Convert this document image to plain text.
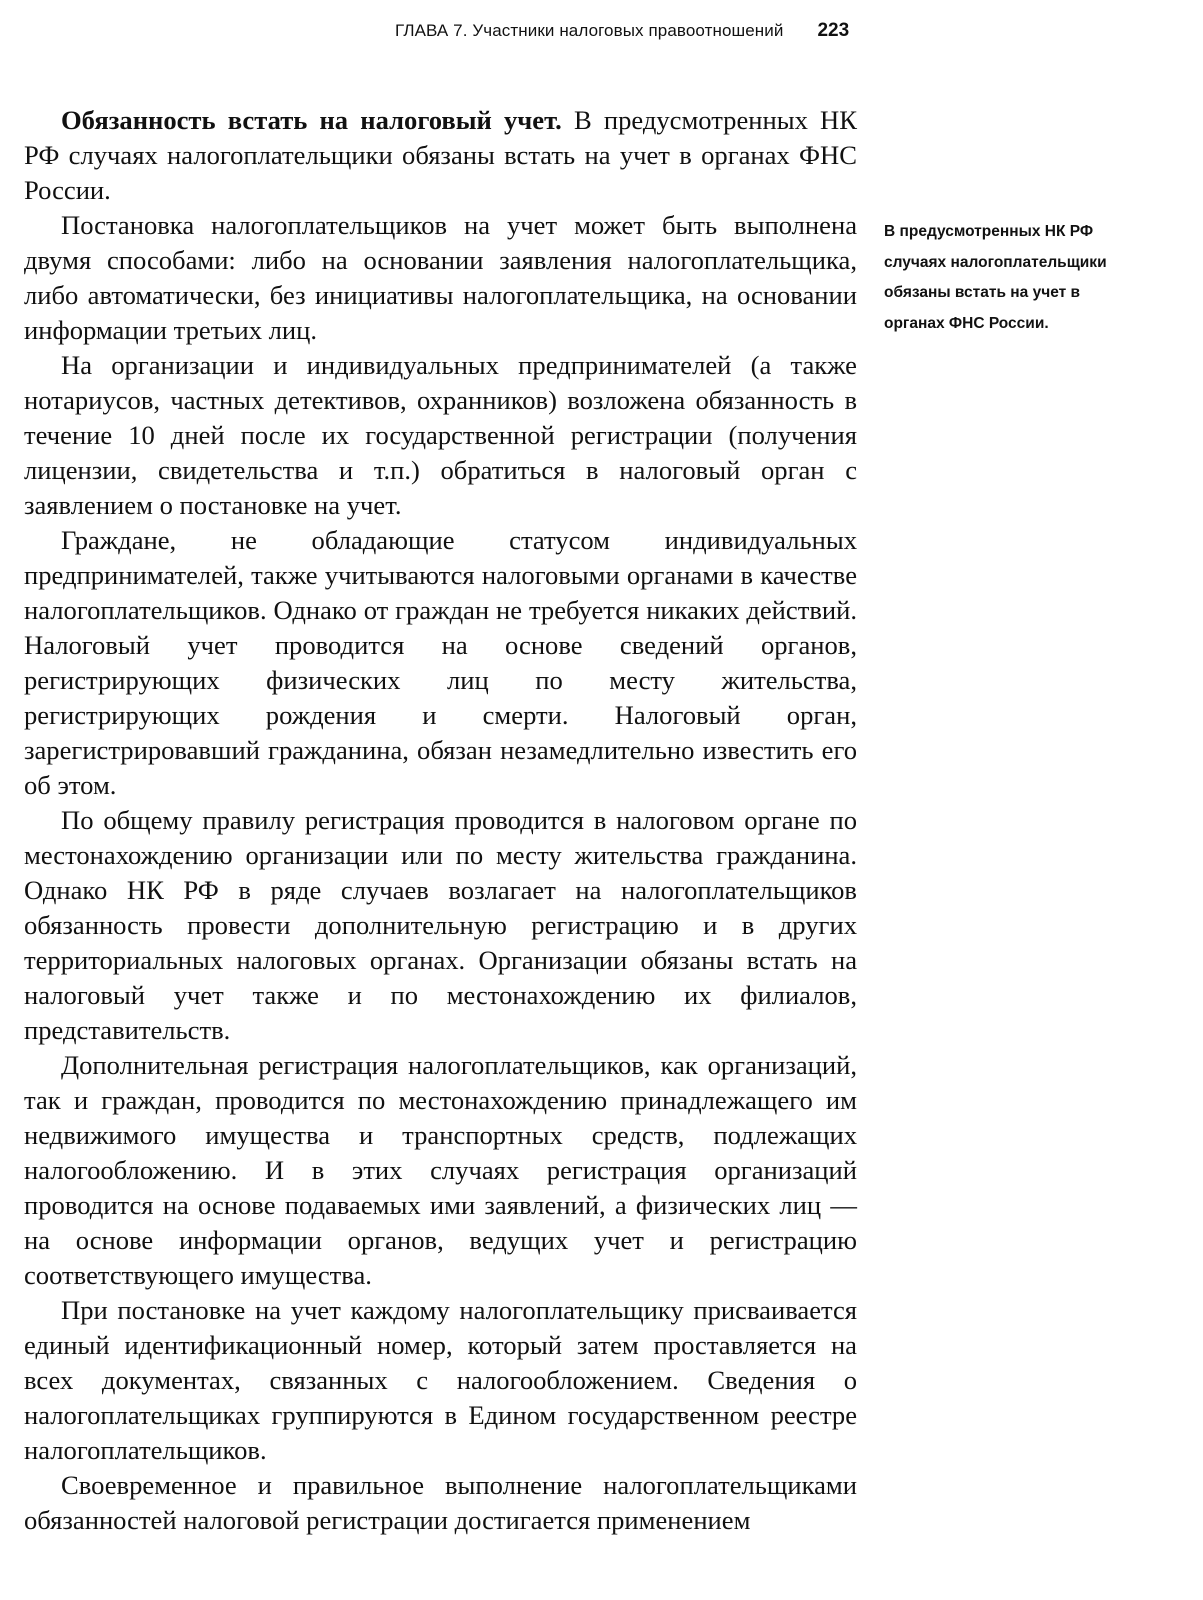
ГЛАВА 7. Участники налоговых правоотношений 223

Обязанность встать на налоговый учет. В предусмотренных НК РФ случаях налогоплательщики обязаны встать на учет в органах ФНС России.

Постановка налогоплательщиков на учет может быть выполнена двумя способами: либо на основании заявления налогоплательщика, либо автоматически, без инициативы налогоплательщика, на основании информации третьих лиц.

На организации и индивидуальных предпринимателей (а также нотариусов, частных детективов, охранников) возложена обязанность в течение 10 дней после их государственной регистрации (получения лицензии, свидетельства и т.п.) обратиться в налоговый орган с заявлением о постановке на учет.

Граждане, не обладающие статусом индивидуальных предпринимателей, также учитываются налоговыми органами в качестве налогоплательщиков. Однако от граждан не требуется никаких действий. Налоговый учет проводится на основе сведений органов, регистрирующих физических лиц по месту жительства, регистрирующих рождения и смерти. Налоговый орган, зарегистрировавший гражданина, обязан незамедлительно известить его об этом.

По общему правилу регистрация проводится в налоговом органе по местонахождению организации или по месту жительства гражданина. Однако НК РФ в ряде случаев возлагает на налогоплательщиков обязанность провести дополнительную регистрацию и в других территориальных налоговых органах. Организации обязаны встать на налоговый учет также и по местонахождению их филиалов, представительств.

Дополнительная регистрация налогоплательщиков, как организаций, так и граждан, проводится по местонахождению принадлежащего им недвижимого имущества и транспортных средств, подлежащих налогообложению. И в этих случаях регистрация организаций проводится на основе подаваемых ими заявлений, а физических лиц — на основе информации органов, ведущих учет и регистрацию соответствующего имущества.

При постановке на учет каждому налогоплательщику присваивается единый идентификационный номер, который затем проставляется на всех документах, связанных с налогообложением. Сведения о налогоплательщиках группируются в Едином государственном реестре налогоплательщиков.

Своевременное и правильное выполнение налогоплательщиками обязанностей налоговой регистрации достигается применением

В предусмотренных НК РФ случаях налогоплательщики обязаны встать на учет в органах ФНС России.
